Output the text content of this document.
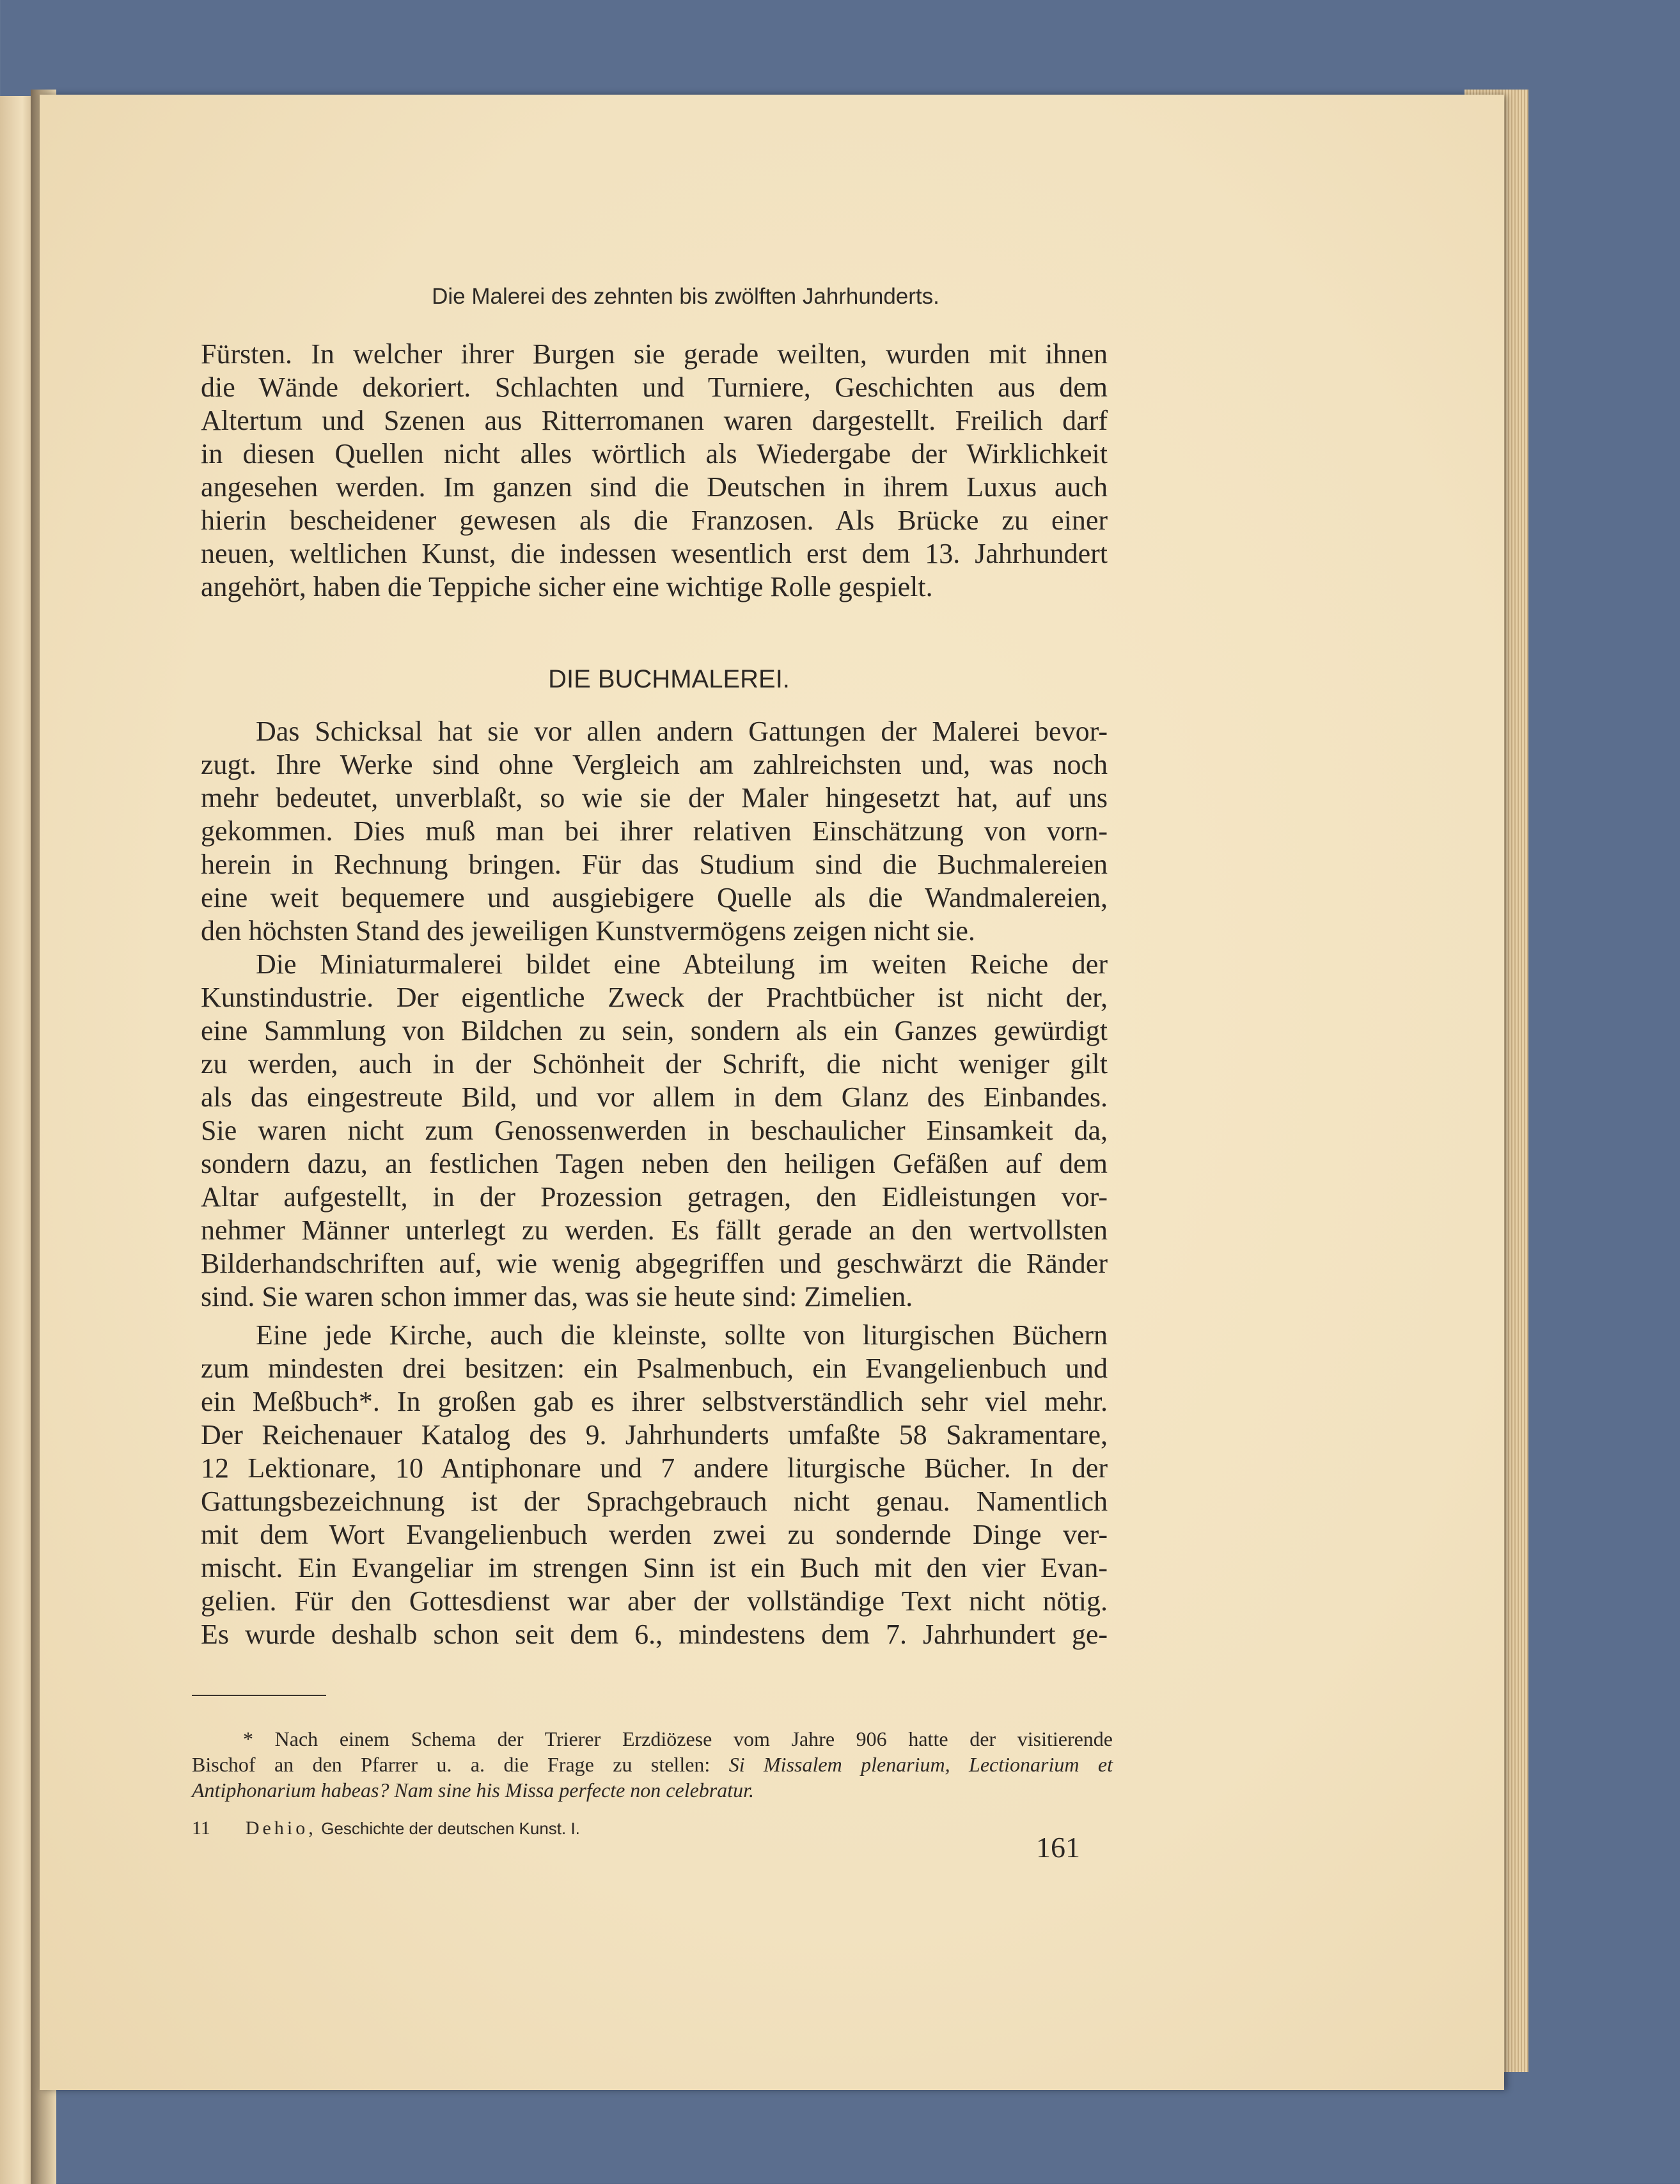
Die Malerei des zehnten bis zwölften Jahrhunderts.
Fürsten. In welcher ihrer Burgen sie gerade weilten, wurden mit ihnen
die Wände dekoriert. Schlachten und Turniere, Geschichten aus dem
Altertum und Szenen aus Ritterromanen waren dargestellt. Freilich darf
in diesen Quellen nicht alles wörtlich als Wiedergabe der Wirklichkeit
angesehen werden. Im ganzen sind die Deutschen in ihrem Luxus auch
hierin bescheidener gewesen als die Franzosen. Als Brücke zu einer
neuen, weltlichen Kunst, die indessen wesentlich erst dem 13. Jahrhundert
angehört, haben die Teppiche sicher eine wichtige Rolle gespielt.
DIE BUCHMALEREI.
Das Schicksal hat sie vor allen andern Gattungen der Malerei bevor-
zugt. Ihre Werke sind ohne Vergleich am zahlreichsten und, was noch
mehr bedeutet, unverblaßt, so wie sie der Maler hingesetzt hat, auf uns
gekommen. Dies muß man bei ihrer relativen Einschätzung von vorn-
herein in Rechnung bringen. Für das Studium sind die Buchmalereien
eine weit bequemere und ausgiebigere Quelle als die Wandmalereien,
den höchsten Stand des jeweiligen Kunstvermögens zeigen nicht sie.
Die Miniaturmalerei bildet eine Abteilung im weiten Reiche der
Kunstindustrie. Der eigentliche Zweck der Prachtbücher ist nicht der,
eine Sammlung von Bildchen zu sein, sondern als ein Ganzes gewürdigt
zu werden, auch in der Schönheit der Schrift, die nicht weniger gilt
als das eingestreute Bild, und vor allem in dem Glanz des Einbandes.
Sie waren nicht zum Genossenwerden in beschaulicher Einsamkeit da,
sondern dazu, an festlichen Tagen neben den heiligen Gefäßen auf dem
Altar aufgestellt, in der Prozession getragen, den Eidleistungen vor-
nehmer Männer unterlegt zu werden. Es fällt gerade an den wertvollsten
Bilderhandschriften auf, wie wenig abgegriffen und geschwärzt die Ränder
sind. Sie waren schon immer das, was sie heute sind: Zimelien.
Eine jede Kirche, auch die kleinste, sollte von liturgischen Büchern
zum mindesten drei besitzen: ein Psalmenbuch, ein Evangelienbuch und
ein Meßbuch*. In großen gab es ihrer selbstverständlich sehr viel mehr.
Der Reichenauer Katalog des 9. Jahrhunderts umfaßte 58 Sakramentare,
12 Lektionare, 10 Antiphonare und 7 andere liturgische Bücher. In der
Gattungsbezeichnung ist der Sprachgebrauch nicht genau. Namentlich
mit dem Wort Evangelienbuch werden zwei zu sondernde Dinge ver-
mischt. Ein Evangeliar im strengen Sinn ist ein Buch mit den vier Evan-
gelien. Für den Gottesdienst war aber der vollständige Text nicht nötig.
Es wurde deshalb schon seit dem 6., mindestens dem 7. Jahrhundert ge-
* Nach einem Schema der Trierer Erzdiözese vom Jahre 906 hatte der visitierende
Bischof an den Pfarrer u. a. die Frage zu stellen: Si Missalem plenarium, Lectionarium et
Antiphonarium habeas? Nam sine his Missa perfecte non celebratur.
11 Dehio, Geschichte der deutschen Kunst. I.
161
